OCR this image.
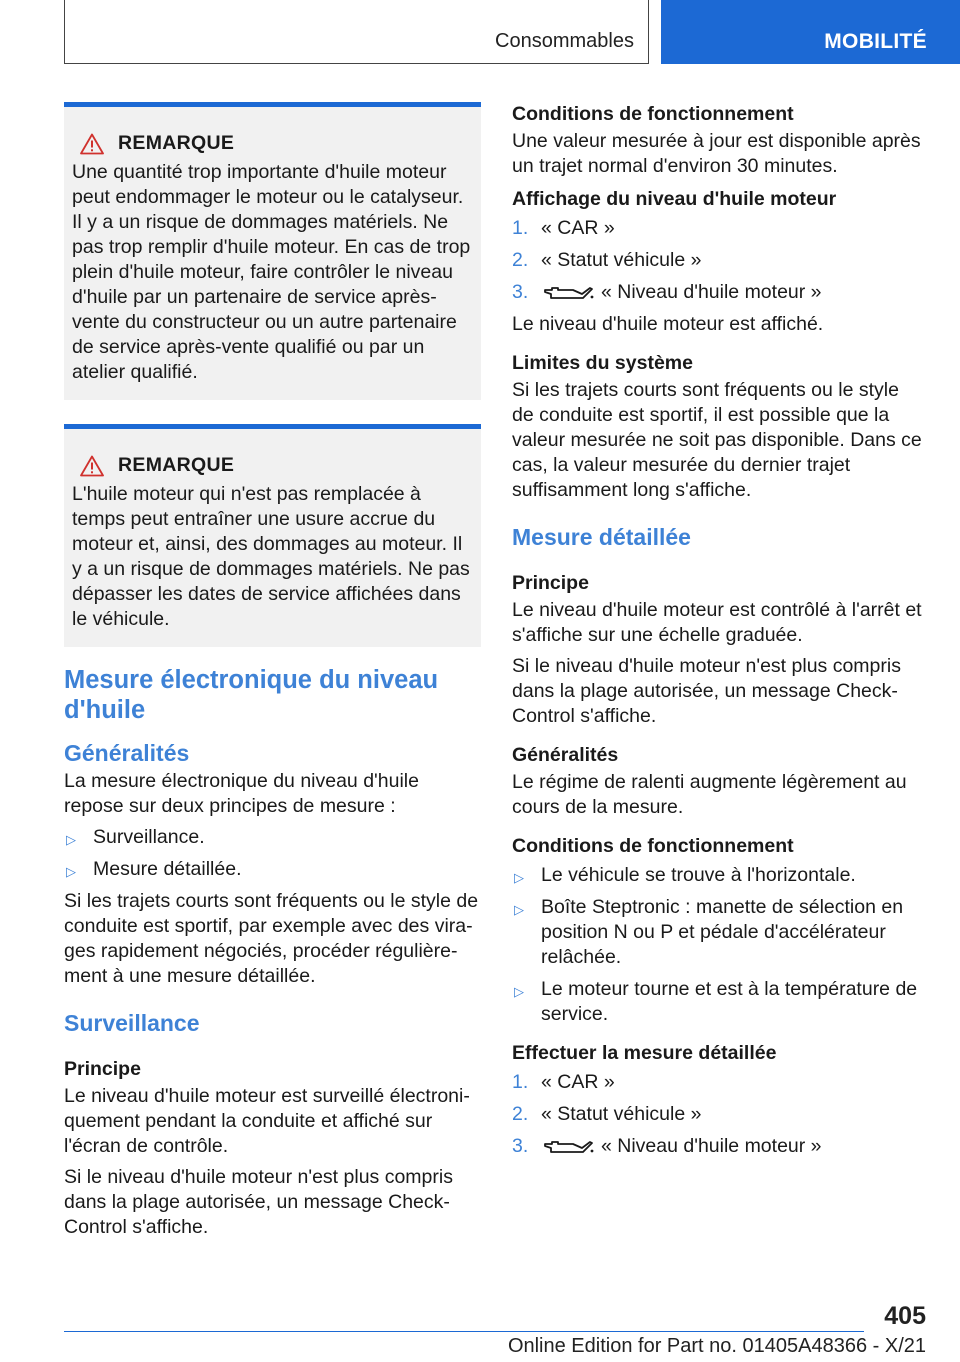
Consommables	MOBILITÉ
REMARQUE

Une quantité trop importante d'huile moteur peut endommager le moteur ou le catalyseur. Il y a un risque de dommages matériels. Ne pas trop remplir d'huile moteur. En cas de trop plein d'huile moteur, faire contrôler le niveau d'huile par un partenaire de service après-vente du constructeur ou un autre partenaire de service après-vente qualifié ou par un atelier qualifié.

REMARQUE

L'huile moteur qui n'est pas remplacée à temps peut entraîner une usure accrue du moteur et, ainsi, des dommages au moteur. Il y a un risque de dommages matériels. Ne pas dépasser les dates de service affichées dans le véhicule.

Mesure électronique du niveau d'huile
Généralités

La mesure électronique du niveau d'huile repose sur deux principes de mesure :

▷ Surveillance.
▷ Mesure détaillée.

Si les trajets courts sont fréquents ou le style de conduite est sportif, par exemple avec des virages rapidement négociés, procéder régulièrement à une mesure détaillée.

Surveillance
Principe

Le niveau d'huile moteur est surveillé électroniquement pendant la conduite et affiché sur l'écran de contrôle.

Si le niveau d'huile moteur n'est plus compris dans la plage autorisée, un message Check-Control s'affiche.

Conditions de fonctionnement

Une valeur mesurée à jour est disponible après un trajet normal d'environ 30 minutes.

Affichage du niveau d'huile moteur
1. « CAR »
2. « Statut véhicule »
3.	« Niveau d'huile moteur »

Le niveau d'huile moteur est affiché.

Limites du système

Si les trajets courts sont fréquents ou le style de conduite est sportif, il est possible que la valeur mesurée ne soit pas disponible. Dans ce cas, la valeur mesurée du dernier trajet suffisamment long s'affiche.

Mesure détaillée
Principe

Le niveau d'huile moteur est contrôlé à l'arrêt et s'affiche sur une échelle graduée.

Si le niveau d'huile moteur n'est plus compris dans la plage autorisée, un message Check-Control s'affiche.

Généralités

Le régime de ralenti augmente légèrement au cours de la mesure.

Conditions de fonctionnement
▷ Le véhicule se trouve à l'horizontale.
▷ Boîte Steptronic : manette de sélection en position N ou P et pédale d'accélérateur relâchée.
▷ Le moteur tourne et est à la température de service.
Effectuer la mesure détaillée
1. « CAR »
2. « Statut véhicule »
3.	« Niveau d'huile moteur »
405
Online Edition for Part no. 01405A48366 - X/21
